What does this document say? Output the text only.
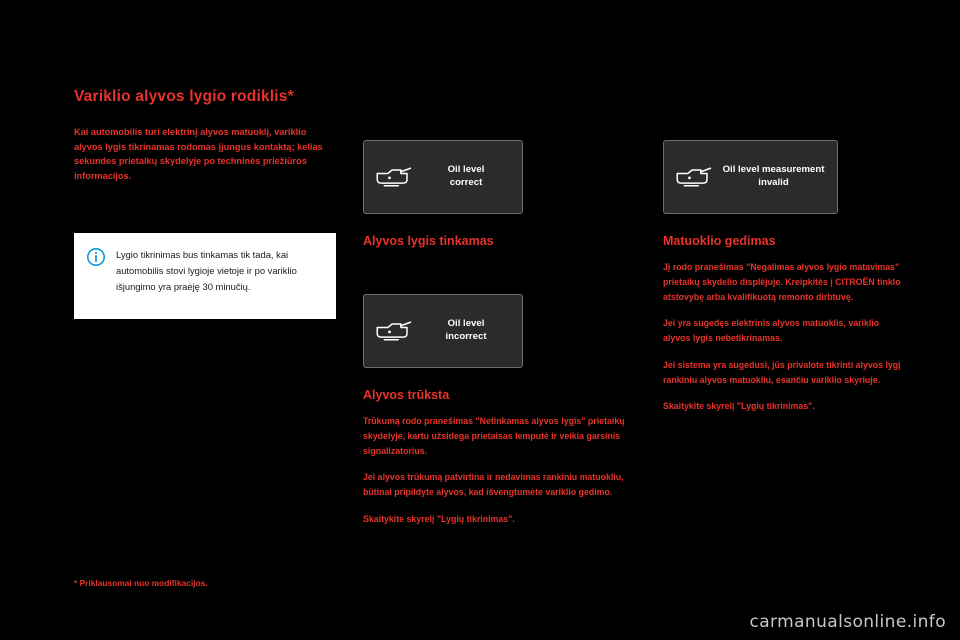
Variklio alyvos lygio rodiklis*

Kai automobilis turi elektrinį alyvos matuoklį, variklio alyvos lygis tikrinamas rodomas įjungus kontaktą; kelias sekundes prietaikų skydelyje po techninės priežiūros informacijos.

Lygio tikrinimas bus tinkamas tik tada, kai automobilis stovi lygioje vietoje ir po variklio išjungimo yra praėję 30 minučių.

* Priklausomai nuo modifikacijos.
Oil level
correct
Alyvos lygis tinkamas
Oil level
incorrect
Alyvos trūksta

Trūkumą rodo pranešimas "Netinkamas alyvos lygis" prietaikų skydelyje, kartu užsidega prietaisas lemputė ir veikia garsinis signalizatorius.

Jei alyvos trūkumą patvirtina ir nedavimas rankiniu matuokliu, būtinai pripildyte alyvos, kad išvengtumėte variklio gedimo.

Skaitykite skyrelį "Lygių tikrinimas".

Oil level measurement
invalid
Matuoklio gedimas

Jį rodo pranešimas "Negalimas alyvos lygio matavimas" prietaikų skydelio displėjuje. Kreipkitės į CITROËN tinklo atstovybę arba kvalifikuotą remonto dirbtuvę.

Jei yra sugedęs elektrinis alyvos matuoklis, variklio alyvos lygis nebetikrinamas.

Jei sistema yra sugedusi, jūs privalote tikrinti alyvos lygį rankiniu alyvos matuokliu, esančiu variklio skyriuje.

Skaitykite skyrelį "Lygių tikrinimas".

carmanualsonline.info
